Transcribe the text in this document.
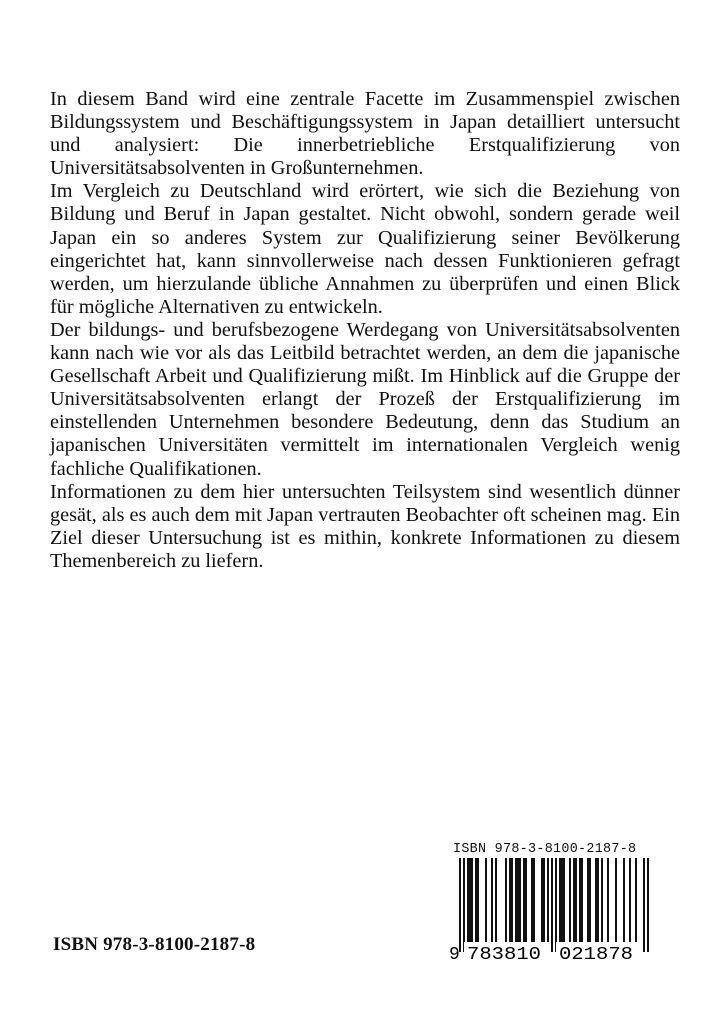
In diesem Band wird eine zentrale Facette im Zusammenspiel zwischen Bildungssystem und Beschäftigungssystem in Japan detailliert untersucht und analysiert: Die innerbetriebliche Erstqualifizierung von Universitätsabsolventen in Großunternehmen.

Im Vergleich zu Deutschland wird erörtert, wie sich die Beziehung von Bildung und Beruf in Japan gestaltet. Nicht obwohl, sondern gerade weil Japan ein so anderes System zur Qualifizierung seiner Bevölkerung eingerichtet hat, kann sinnvollerweise nach dessen Funktionieren gefragt werden, um hierzulande übliche Annahmen zu überprüfen und einen Blick für mögliche Alternativen zu entwickeln.

Der bildungs- und berufsbezogene Werdegang von Universitätsabsolventen kann nach wie vor als das Leitbild betrachtet werden, an dem die japanische Gesellschaft Arbeit und Qualifizierung mißt. Im Hinblick auf die Gruppe der Universitätsabsolventen erlangt der Prozeß der Erstqualifizierung im einstellenden Unternehmen besondere Bedeutung, denn das Studium an japanischen Universitäten vermittelt im internationalen Vergleich wenig fachliche Qualifikationen.

Informationen zu dem hier untersuchten Teilsystem sind wesentlich dünner gesät, als es auch dem mit Japan vertrauten Beobachter oft scheinen mag. Ein Ziel dieser Untersuchung ist es mithin, konkrete Informationen zu diesem Themenbereich zu liefern.

ISBN 978-3-8100-2187-8
ISBN 978-3-8100-2187-8
9 783810 021878
